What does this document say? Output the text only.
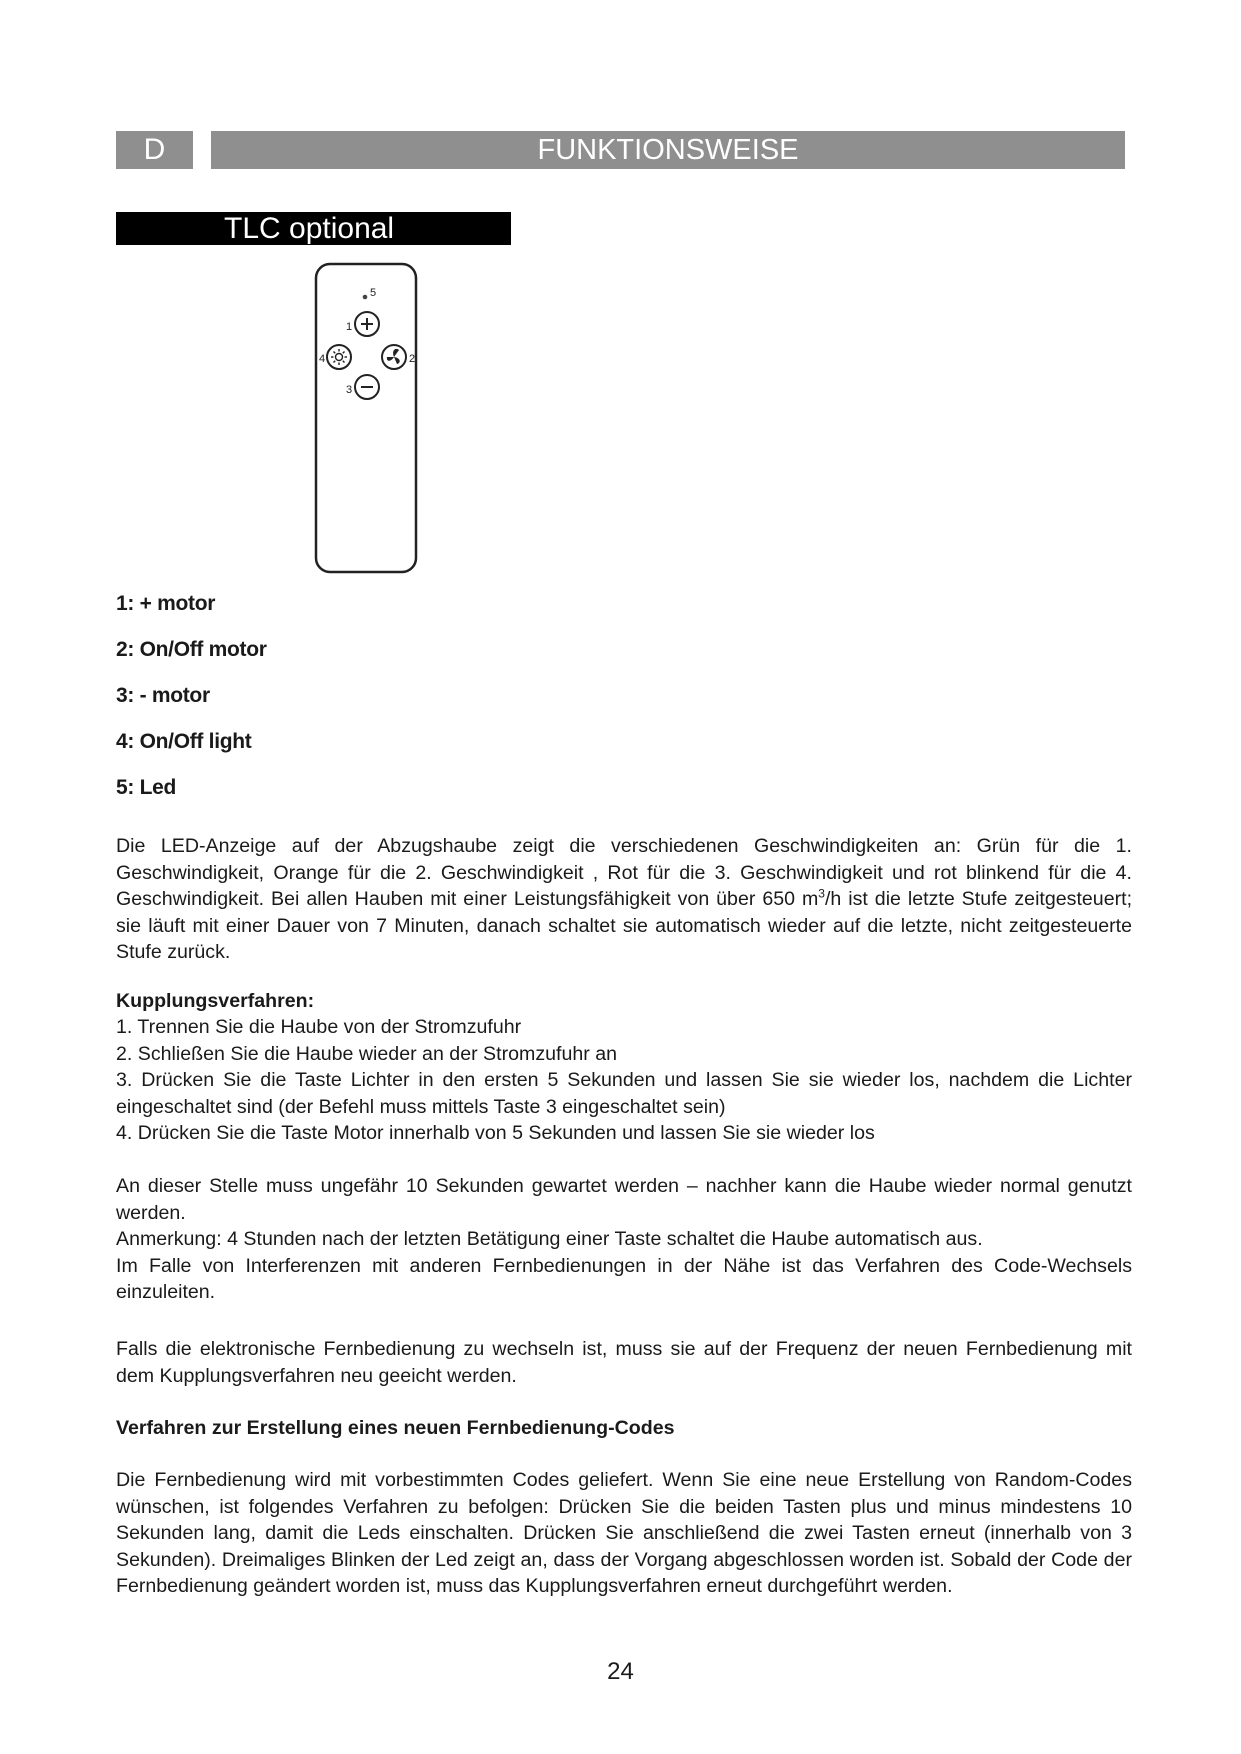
D	FUNKTIONSWEISE
TLC optional
5
1
4	2
3
1: + motor
2: On/Off motor
3: - motor
4: On/Off light
5: Led

Die LED-Anzeige auf der Abzugshaube zeigt die verschiedenen Geschwindigkeiten an: Grün für die 1. Geschwindigkeit, Orange für die 2. Geschwindigkeit , Rot für die 3. Geschwindigkeit und rot blinkend für die 4. Geschwindigkeit. Bei allen Hauben mit einer Leistungsfähigkeit von über 650 $m^3/h$ ist die letzte Stufe zeitgesteuert; sie läuft mit einer Dauer von 7 Minuten, danach schaltet sie automatisch wieder auf die letzte, nicht zeitgesteuerte Stufe zurück.

Kupplungsverfahren:

1. Trennen Sie die Haube von der Stromzufuhr
2. Schließen Sie die Haube wieder an der Stromzufuhr an
3. Drücken Sie die Taste Lichter in den ersten 5 Sekunden und lassen Sie sie wieder los, nachdem die Lichter eingeschaltet sind (der Befehl muss mittels Taste 3 eingeschaltet sein)
4. Drücken Sie die Taste Motor innerhalb von 5 Sekunden und lassen Sie sie wieder los
An dieser Stelle muss ungefähr 10 Sekunden gewartet werden – nachher kann die Haube wieder normal genutzt werden.
Anmerkung: 4 Stunden nach der letzten Betätigung einer Taste schaltet die Haube automatisch aus.
Im Falle von Interferenzen mit anderen Fernbedienungen in der Nähe ist das Verfahren des Code-Wechsels einzuleiten.

Falls die elektronische Fernbedienung zu wechseln ist, muss sie auf der Frequenz der neuen Fernbedienung mit dem Kupplungsverfahren neu geeicht werden.

Verfahren zur Erstellung eines neuen Fernbedienung-Codes

Die Fernbedienung wird mit vorbestimmten Codes geliefert. Wenn Sie eine neue Erstellung von Random-Codes wünschen, ist folgendes Verfahren zu befolgen: Drücken Sie die beiden Tasten plus und minus mindestens 10 Sekunden lang, damit die Leds einschalten. Drücken Sie anschließend die zwei Tasten erneut (innerhalb von 3 Sekunden). Dreimaliges Blinken der Led zeigt an, dass der Vorgang abgeschlossen worden ist. Sobald der Code der Fernbedienung geändert worden ist, muss das Kupplungsverfahren erneut durchgeführt werden.

24
